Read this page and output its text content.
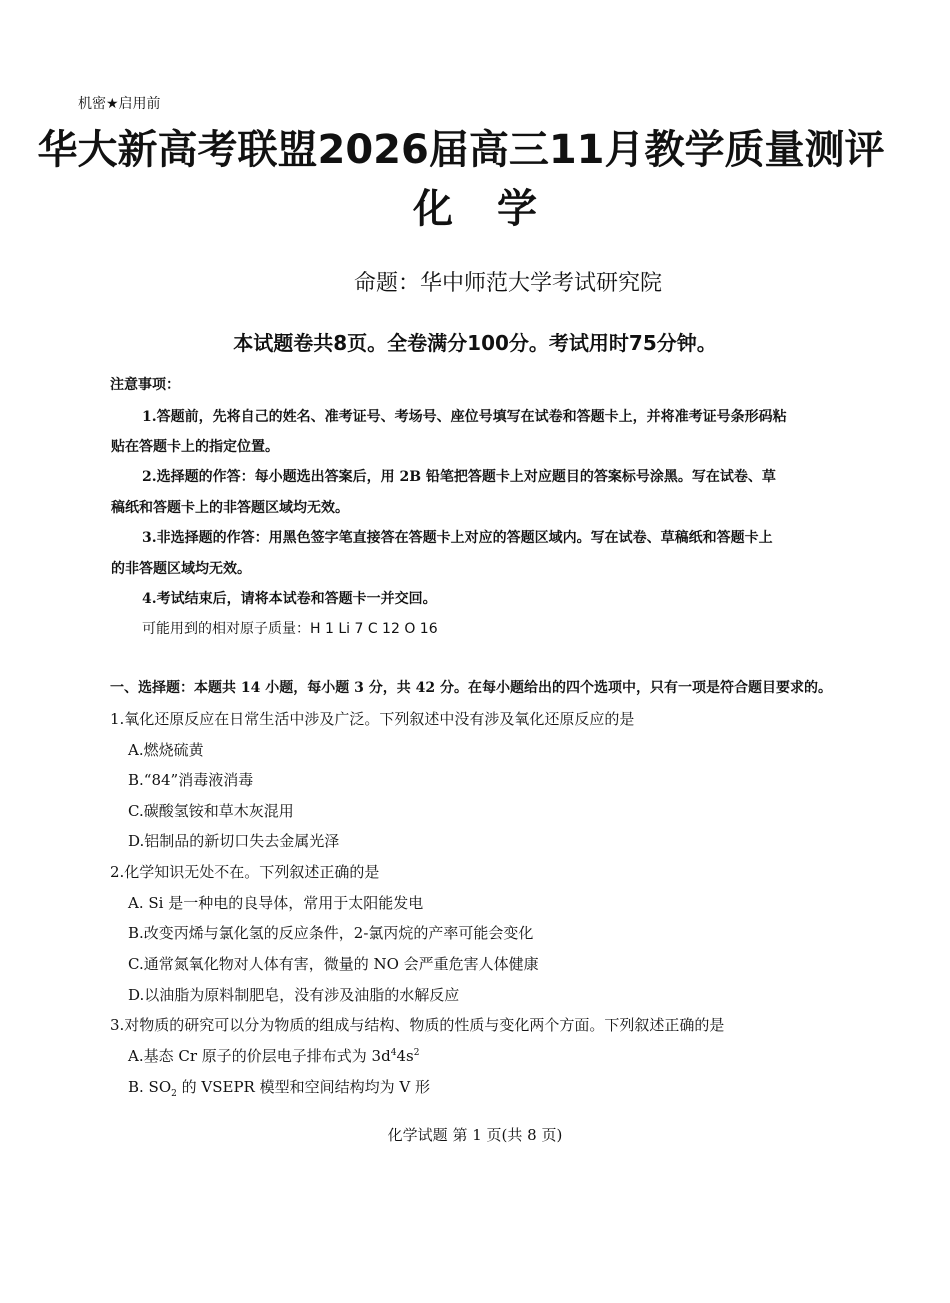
机密★启用前
华大新高考联盟2026届高三11月教学质量测评
化 学
命题：华中师范大学考试研究院
本试题卷共8页。全卷满分100分。考试用时75分钟。
注意事项：
1.答题前，先将自己的姓名、准考证号、考场号、座位号填写在试卷和答题卡上，并将准考证号条形码粘
贴在答题卡上的指定位置。
2.选择题的作答：每小题选出答案后，用 2B 铅笔把答题卡上对应题目的答案标号涂黑。写在试卷、草
稿纸和答题卡上的非答题区域均无效。
3.非选择题的作答：用黑色签字笔直接答在答题卡上对应的答题区域内。写在试卷、草稿纸和答题卡上
的非答题区域均无效。
4.考试结束后，请将本试卷和答题卡一并交回。
可能用到的相对原子质量：H 1 Li 7 C 12 O 16
一、选择题：本题共 14 小题，每小题 3 分，共 42 分。在每小题给出的四个选项中，只有一项是符合题目要求的。
1.氧化还原反应在日常生活中涉及广泛。下列叙述中没有涉及氧化还原反应的是
A.燃烧硫黄
B.“84”消毒液消毒
C.碳酸氢铵和草木灰混用
D.铝制品的新切口失去金属光泽
2.化学知识无处不在。下列叙述正确的是
A. Si 是一种电的良导体，常用于太阳能发电
B.改变丙烯与氯化氢的反应条件，2-氯丙烷的产率可能会变化
C.通常氮氧化物对人体有害，微量的 NO 会严重危害人体健康
D.以油脂为原料制肥皂，没有涉及油脂的水解反应
3.对物质的研究可以分为物质的组成与结构、物质的性质与变化两个方面。下列叙述正确的是
A.基态 Cr 原子的价层电子排布式为 $3d^44s^2$
B. $SO_2$ 的 VSEPR 模型和空间结构均为 V 形
化学试题 第 1 页(共 8 页)
